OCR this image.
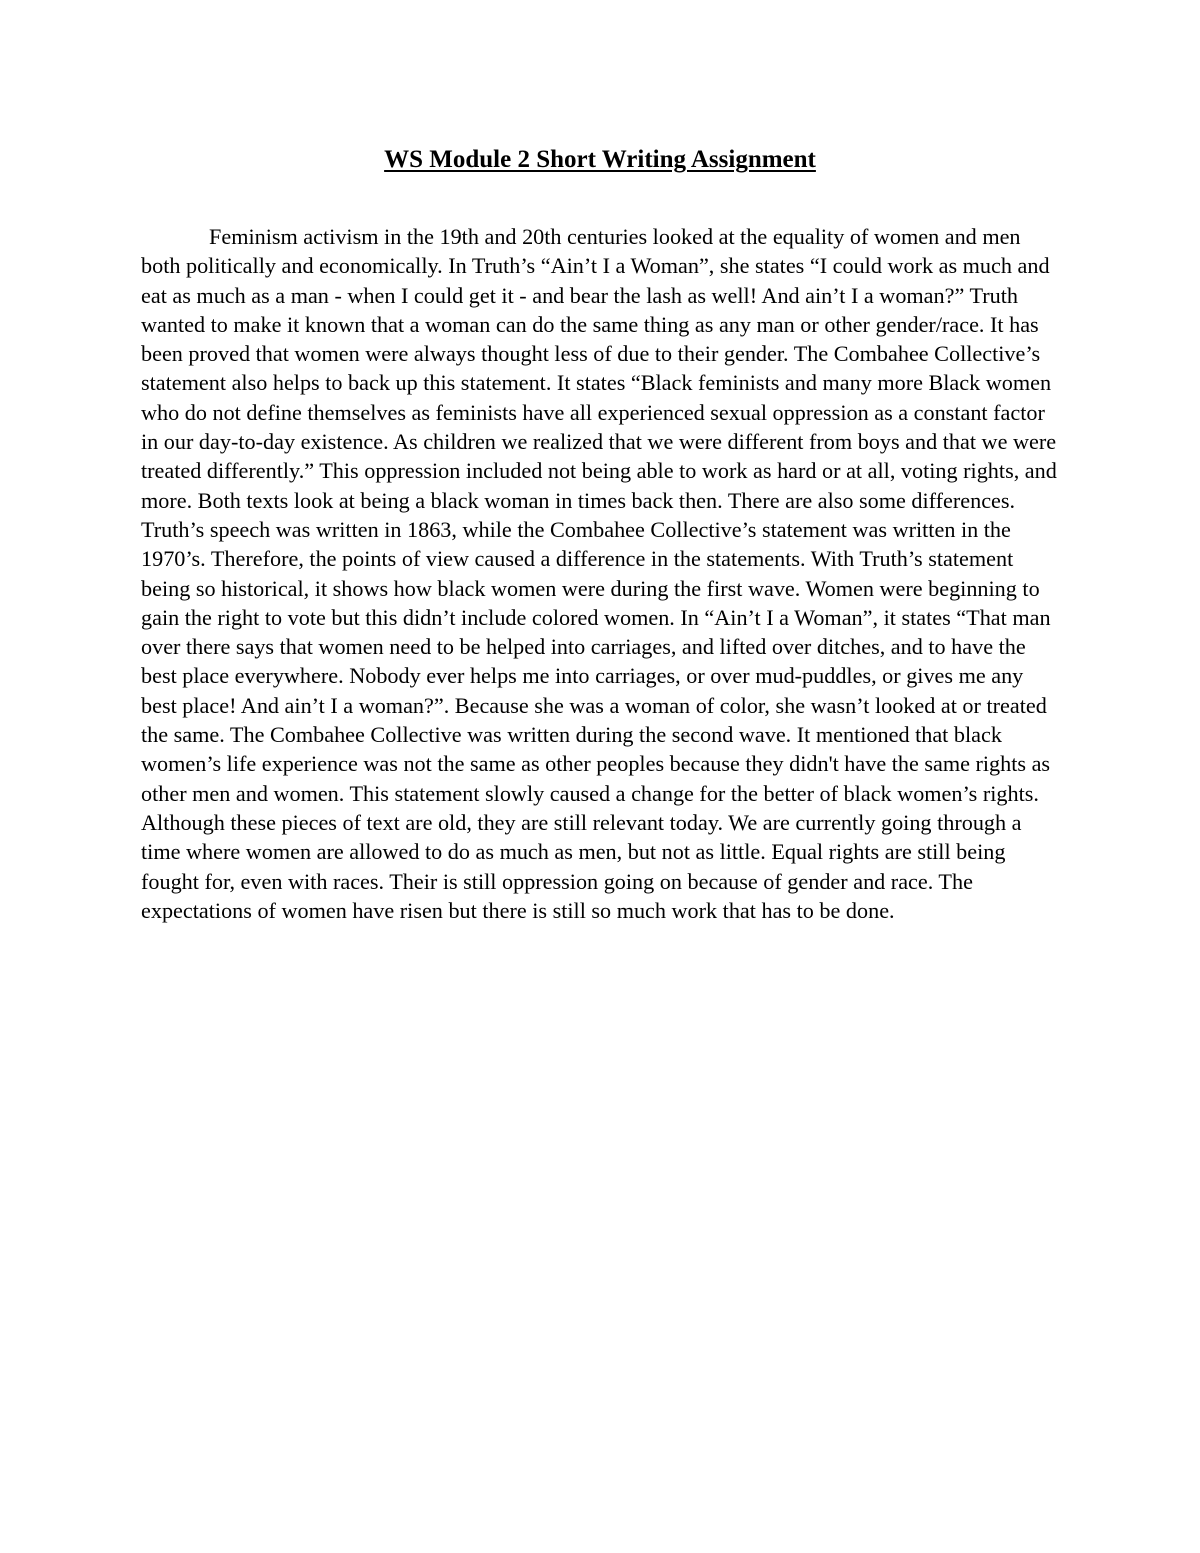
WS Module 2 Short Writing Assignment

Feminism activism in the 19th and 20th centuries looked at the equality of women and men both politically and economically. In Truth’s “Ain’t I a Woman”, she states “I could work as much and eat as much as a man - when I could get it - and bear the lash as well! And ain’t I a woman?” Truth wanted to make it known that a woman can do the same thing as any man or other gender/race. It has been proved that women were always thought less of due to their gender. The Combahee Collective’s statement also helps to back up this statement. It states “Black feminists and many more Black women who do not define themselves as feminists have all experienced sexual oppression as a constant factor in our day-to-day existence. As children we realized that we were different from boys and that we were treated differently.” This oppression included not being able to work as hard or at all, voting rights, and more. Both texts look at being a black woman in times back then. There are also some differences. Truth’s speech was written in 1863, while the Combahee Collective’s statement was written in the 1970’s. Therefore, the points of view caused a difference in the statements. With Truth’s statement being so historical, it shows how black women were during the first wave. Women were beginning to gain the right to vote but this didn’t include colored women. In “Ain’t I a Woman”, it states “That man over there says that women need to be helped into carriages, and lifted over ditches, and to have the best place everywhere. Nobody ever helps me into carriages, or over mud-puddles, or gives me any best place! And ain’t I a woman?”. Because she was a woman of color, she wasn’t looked at or treated the same. The Combahee Collective was written during the second wave. It mentioned that black women’s life experience was not the same as other peoples because they didn't have the same rights as other men and women. This statement slowly caused a change for the better of black women’s rights. Although these pieces of text are old, they are still relevant today. We are currently going through a time where women are allowed to do as much as men, but not as little. Equal rights are still being fought for, even with races. Their is still oppression going on because of gender and race. The expectations of women have risen but there is still so much work that has to be done.
